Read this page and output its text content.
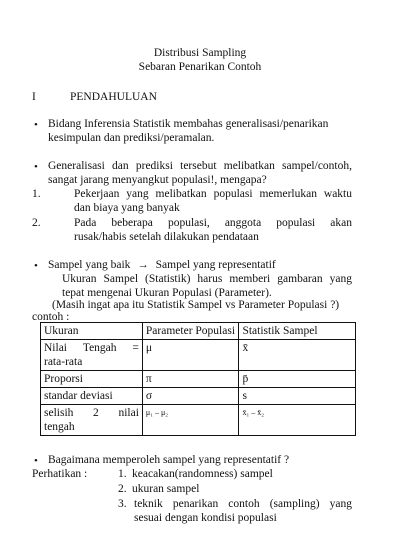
Distribusi Sampling
Sebaran Penarikan Contoh
I	PENDAHULUAN
• Bidang Inferensia Statistik membahas generalisasi/penarikan
kesimpulan dan prediksi/peramalan.
• Generalisasi dan prediksi tersebut melibatkan sampel/contoh,
sangat jarang menyangkut populasi!, mengapa?
1.	Pekerjaan yang melibatkan populasi memerlukan waktu
dan biaya yang banyak
2.	Pada beberapa populasi, anggota populasi akan
rusak/habis setelah dilakukan pendataan
• Sampel yang baik → Sampel yang representatif
Ukuran Sampel (Statistik) harus memberi gambaran yang
tepat mengenai Ukuran Populasi (Parameter).
(Masih ingat apa itu Statistik Sampel vs Parameter Populasi ?)
contoh :
Ukuran	Parameter Populasi	Statistik Sampel

Nilai Tengah =
rata-rata	μ	x̄
Proporsi	π	p̄
standar deviasi	σ	s

selisih 2 nilai
tengah	μ₁ – μ₂	x̄₁ – x̄₂
• Bagaimana memperoleh sampel yang representatif ?
Perhatikan :	1. keacakan(randomness) sampel
2. ukuran sampel
3. teknik penarikan contoh (sampling) yang
sesuai dengan kondisi populasi
